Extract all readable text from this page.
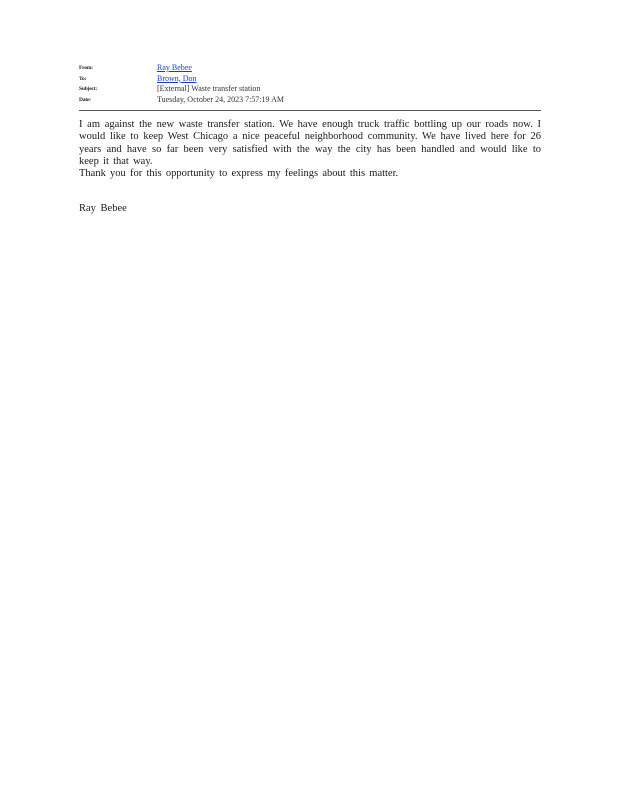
From:	Ray Bebee
To:	Brown, Don
Subject:	[External] Waste transfer station
Date:	Tuesday, October 24, 2023 7:57:19 AM

I am against the new waste transfer station. We have enough truck traffic bottling up our roads now. I would like to keep West Chicago a nice peaceful neighborhood community. We have lived here for 26 years and have so far been very satisfied with the way the city has been handled and would like to keep it that way.

Thank you for this opportunity to express my feelings about this matter.

Ray Bebee
